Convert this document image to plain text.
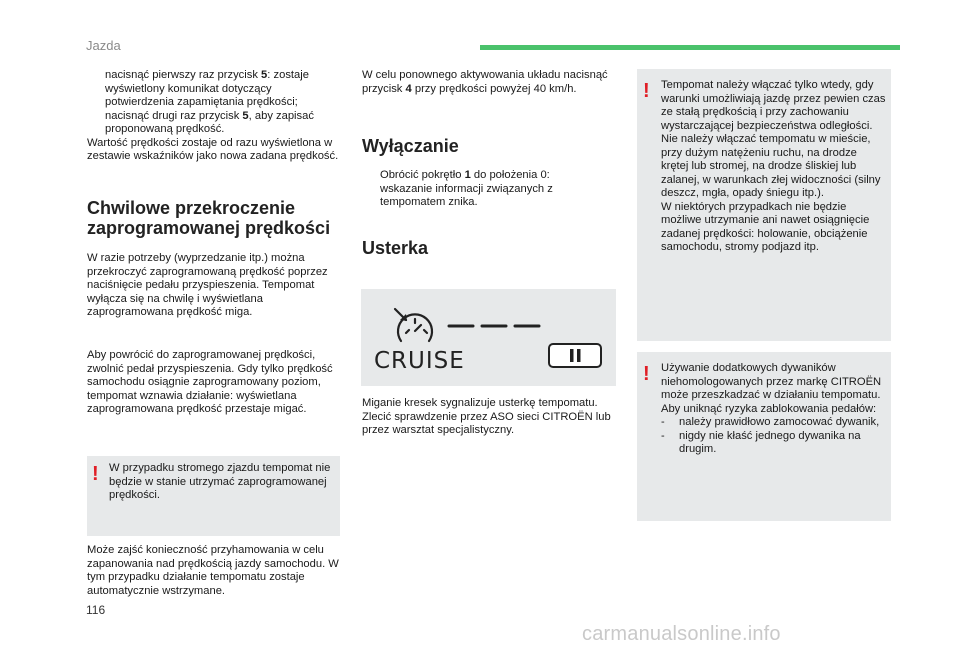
Jazda
nacisnąć pierwszy raz przycisk 5: zostaje wyświetlony komunikat dotyczący potwierdzenia zapamiętania prędkości;
nacisnąć drugi raz przycisk 5, aby zapisać proponowaną prędkość.

Wartość prędkości zostaje od razu wyświetlona w zestawie wskaźników jako nowa zadana prędkość.

Chwilowe przekroczenie
zaprogramowanej prędkości

W razie potrzeby (wyprzedzanie itp.) można przekroczyć zaprogramowaną prędkość poprzez naciśnięcie pedału przyspieszenia. Tempomat wyłącza się na chwilę i wyświetlana zaprogramowana prędkość miga.

Aby powrócić do zaprogramowanej prędkości, zwolnić pedał przyspieszenia. Gdy tylko prędkość samochodu osiągnie zaprogramowany poziom, tempomat wznawia działanie: wyświetlana zaprogramowana prędkość przestaje migać.

! W przypadku stromego zjazdu tempomat nie będzie w stanie utrzymać zaprogramowanej prędkości.

Może zajść konieczność przyhamowania w celu zapanowania nad prędkością jazdy samochodu. W tym przypadku działanie tempomatu zostaje automatycznie wstrzymane.

W celu ponownego aktywowania układu nacisnąć przycisk 4 przy prędkości powyżej 40 km/h.

Wyłączanie
Obrócić pokrętło 1 do położenia 0: wskazanie informacji związanych z tempomatem znika.
Usterka
CRUISE

Miganie kresek sygnalizuje usterkę tempomatu. Zlecić sprawdzenie przez ASO sieci CITROËN lub przez warsztat specjalistyczny.

! Tempomat należy włączać tylko wtedy, gdy warunki umożliwiają jazdę przez pewien czas ze stałą prędkością i przy zachowaniu wystarczającej bezpieczeństwa odległości.
Nie należy włączać tempomatu w mieście, przy dużym natężeniu ruchu, na drodze krętej lub stromej, na drodze śliskiej lub zalanej, w warunkach złej widoczności (silny deszcz, mgła, opady śniegu itp.).
W niektórych przypadkach nie będzie możliwe utrzymanie ani nawet osiągnięcie zadanej prędkości: holowanie, obciążenie samochodu, stromy podjazd itp.

! Używanie dodatkowych dywaników niehomologowanych przez markę CITROËN może przeszkadzać w działaniu tempomatu.
Aby uniknąć ryzyka zablokowania pedałów:

- należy prawidłowo zamocować dywanik,
- nigdy nie kłaść jednego dywanika na drugim.
116
carmanualsonline.info
